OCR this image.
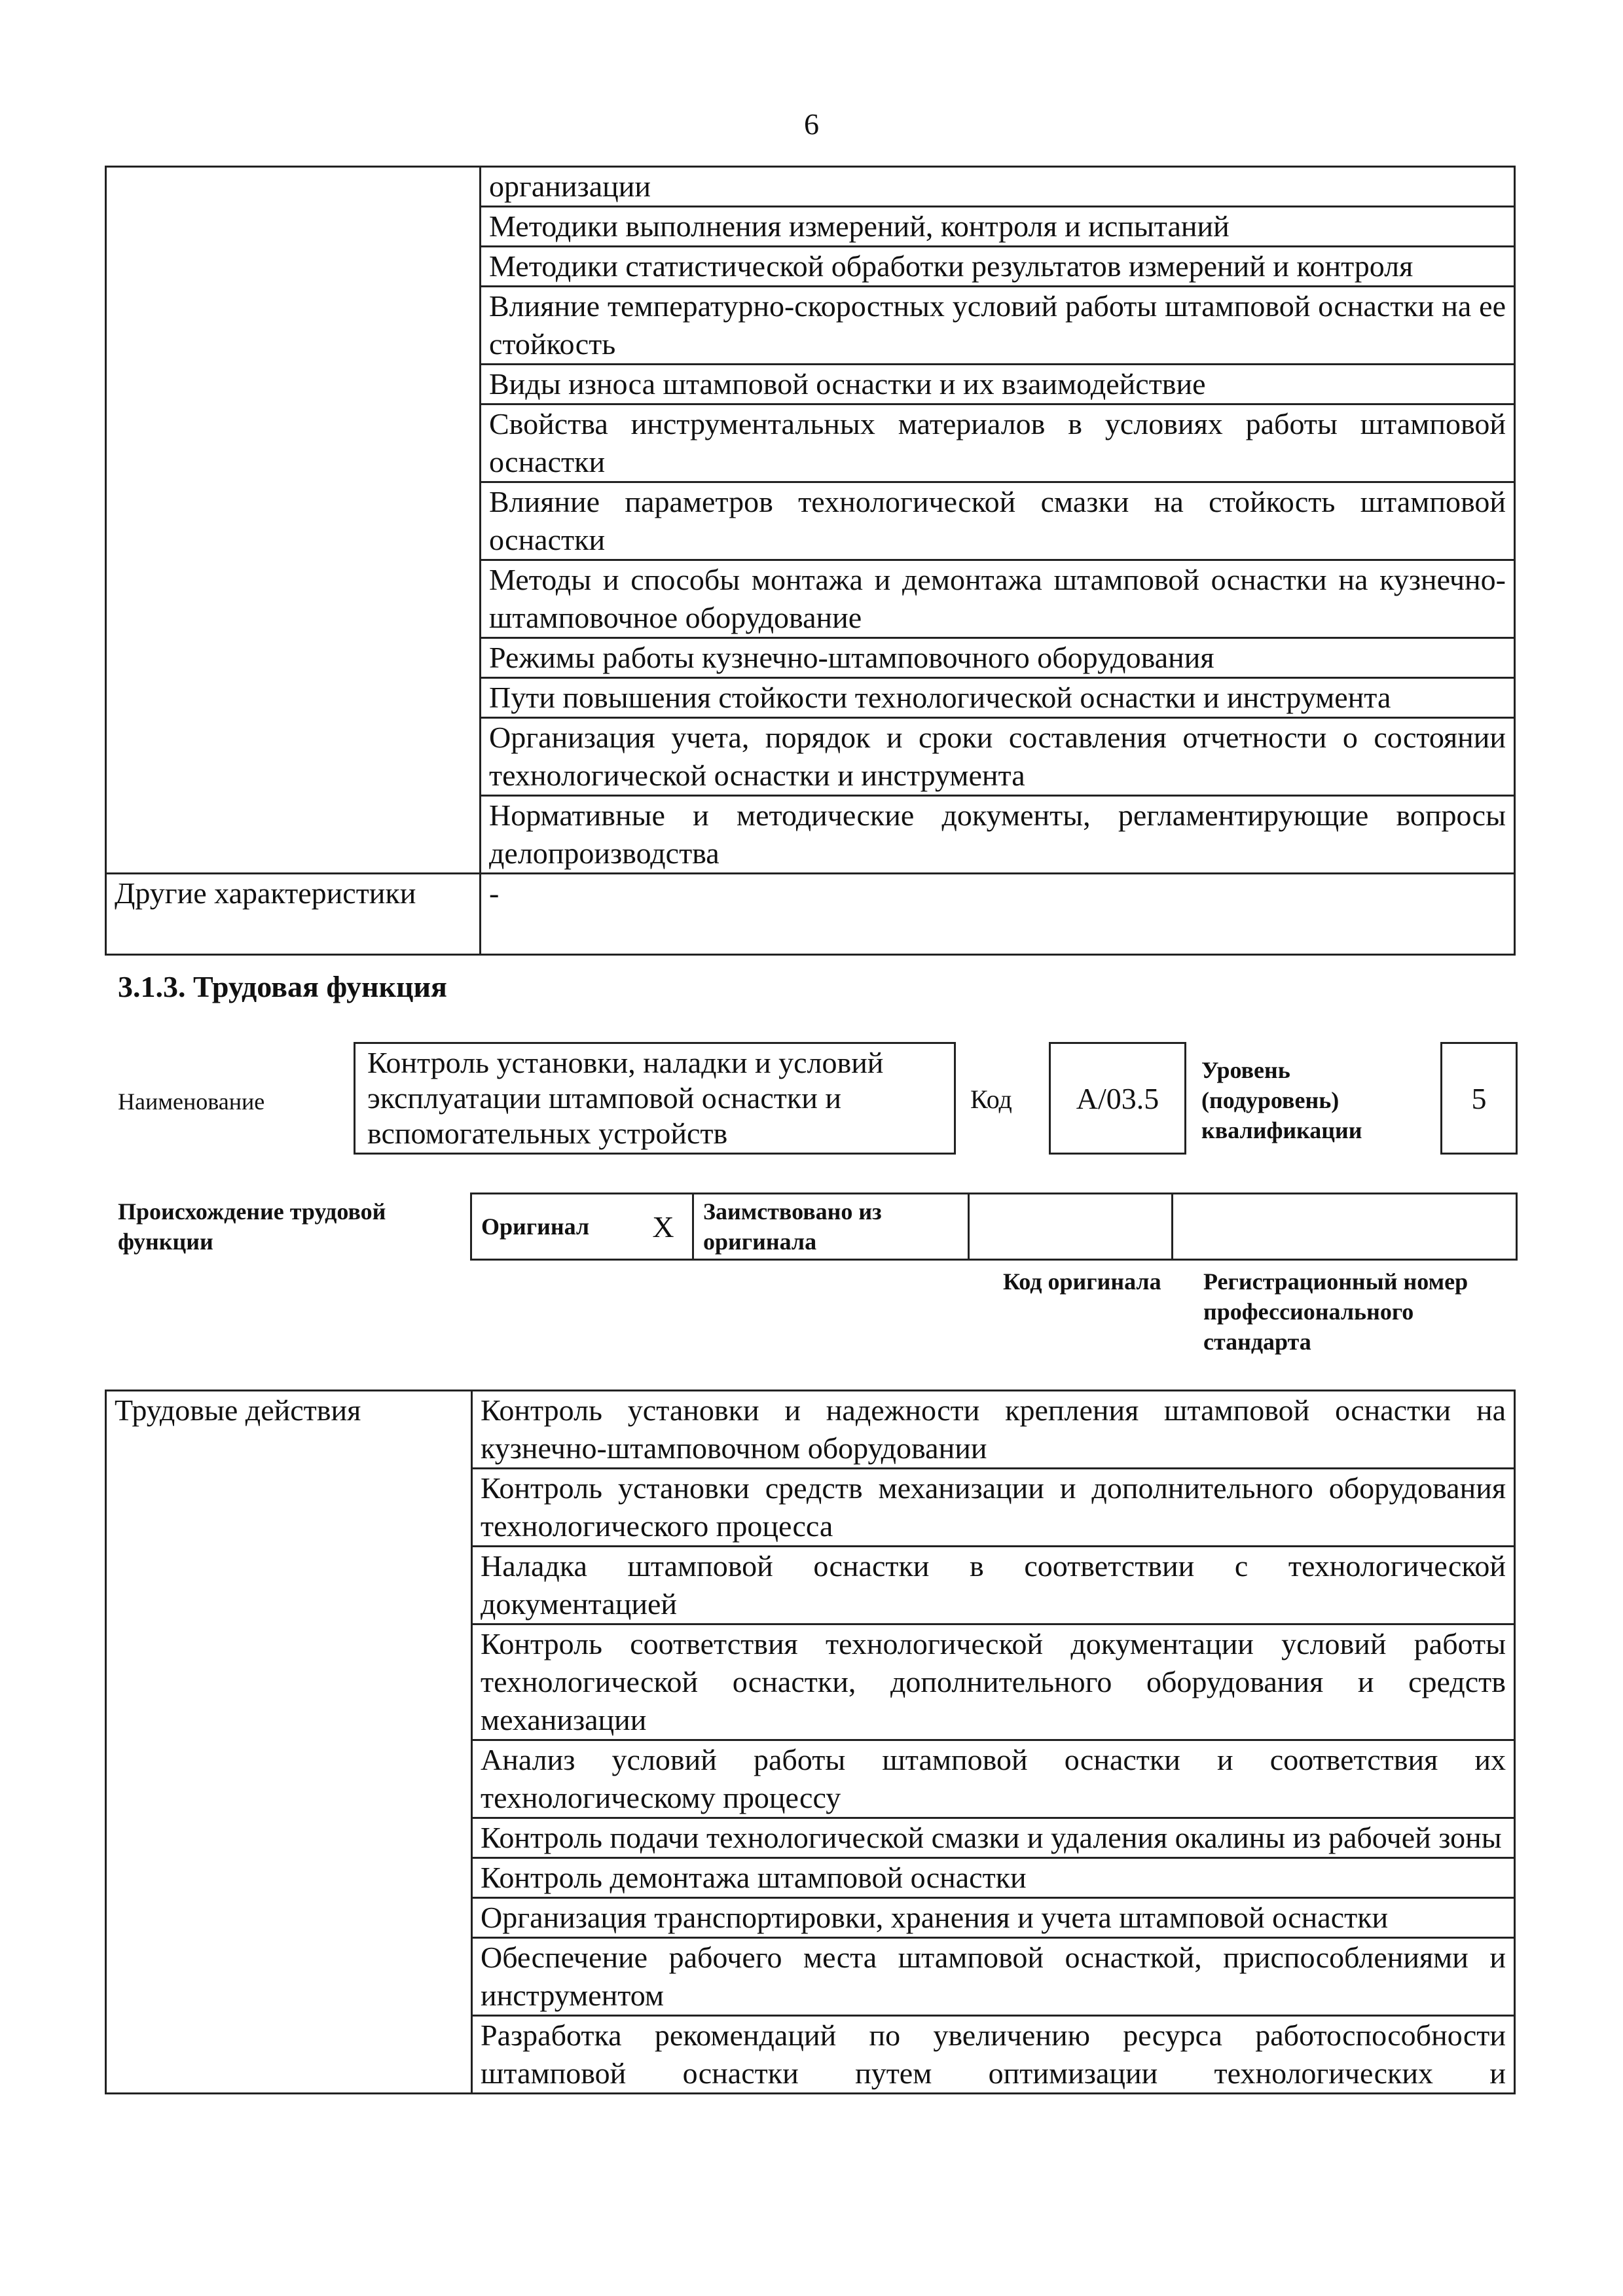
6
	организации
	Методики выполнения измерений, контроля и испытаний
	Методики статистической обработки результатов измерений и контроля
	Влияние температурно-скоростных условий работы штамповой оснастки на ее стойкость
	Виды износа штамповой оснастки и их взаимодействие
	Свойства инструментальных материалов в условиях работы штамповой оснастки
	Влияние параметров технологической смазки на стойкость штамповой оснастки
	Методы и способы монтажа и демонтажа штамповой оснастки на кузнечно-штамповочное оборудование
	Режимы работы кузнечно-штамповочного оборудования
	Пути повышения стойкости технологической оснастки и инструмента
	Организация учета, порядок и сроки составления отчетности о состоянии технологической оснастки и инструмента
	Нормативные и методические документы, регламентирующие вопросы делопроизводства
Другие характеристики	-
3.1.3. Трудовая функция
Наименование
Контроль установки, наладки и условий эксплуатации штамповой оснастки и вспомогательных устройств
Код A/03.5
Уровень
(подуровень)
квалификации
5
Происхождение трудовой
функции
Оригинал	X	Заимствовано из
оригинала

Код оригинала Регистрационный номер
профессионального
стандарта
Трудовые действия	Контроль установки и надежности крепления штамповой оснастки на кузнечно-штамповочном оборудовании
Контроль установки средств механизации и дополнительного оборудования технологического процесса
Наладка штамповой оснастки в соответствии с технологической документацией
Контроль соответствия технологической документации условий работы технологической оснастки, дополнительного оборудования и средств механизации
Анализ условий работы штамповой оснастки и соответствия их технологическому процессу
Контроль подачи технологической смазки и удаления окалины из рабочей зоны
Контроль демонтажа штамповой оснастки
Организация транспортировки, хранения и учета штамповой оснастки
Обеспечение рабочего места штамповой оснасткой, приспособлениями и инструментом
Разработка рекомендаций по увеличению ресурса работоспособности штамповой оснастки путем оптимизации технологических и
